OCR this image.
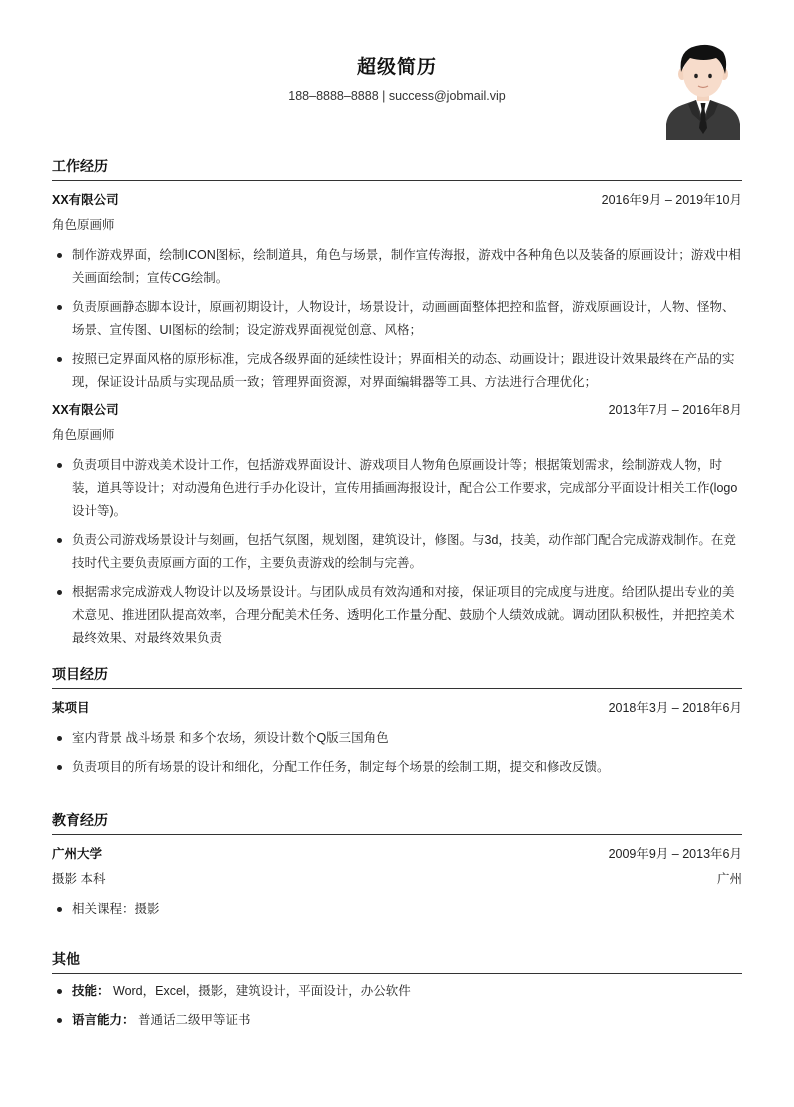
超级简历
188–8888–8888 | success@jobmail.vip
工作经历
XX有限公司	2016年9月 – 2019年10月
角色原画师
制作游戏界面，绘制ICON图标，绘制道具，角色与场景，制作宣传海报，游戏中各种角色以及装备的原画设计；游戏中相关画面绘制；宣传CG绘制。
负责原画静态脚本设计，原画初期设计，人物设计，场景设计，动画画面整体把控和监督，游戏原画设计，人物、怪物、场景、宣传图、UI图标的绘制；设定游戏界面视觉创意、风格；
按照已定界面风格的原形标准，完成各级界面的延续性设计；界面相关的动态、动画设计；跟进设计效果最终在产品的实现，保证设计品质与实现品质一致；管理界面资源，对界面编辑器等工具、方法进行合理优化；
XX有限公司	2013年7月 – 2016年8月
角色原画师
负责项目中游戏美术设计工作，包括游戏界面设计、游戏项目人物角色原画设计等；根据策划需求，绘制游戏人物，时装，道具等设计；对动漫角色进行手办化设计，宣传用插画海报设计，配合公工作要求，完成部分平面设计相关工作(logo设计等)。
负责公司游戏场景设计与刻画，包括气氛图，规划图，建筑设计，修图。与3d，技美，动作部门配合完成游戏制作。在竞技时代主要负责原画方面的工作，主要负责游戏的绘制与完善。
根据需求完成游戏人物设计以及场景设计。与团队成员有效沟通和对接，保证项目的完成度与进度。给团队提出专业的美术意见、推进团队提高效率，合理分配美术任务、透明化工作量分配、鼓励个人绩效成就。调动团队积极性，并把控美术最终效果、对最终效果负责
项目经历
某项目	2018年3月 – 2018年6月
室内背景 战斗场景 和多个农场，须设计数个Q版三国角色
负责项目的所有场景的设计和细化，分配工作任务，制定每个场景的绘制工期，提交和修改反馈。
教育经历
广州大学	2009年9月 – 2013年6月
摄影 本科	广州
相关课程：摄影
其他
技能： Word，Excel，摄影，建筑设计，平面设计，办公软件
语言能力： 普通话二级甲等证书
